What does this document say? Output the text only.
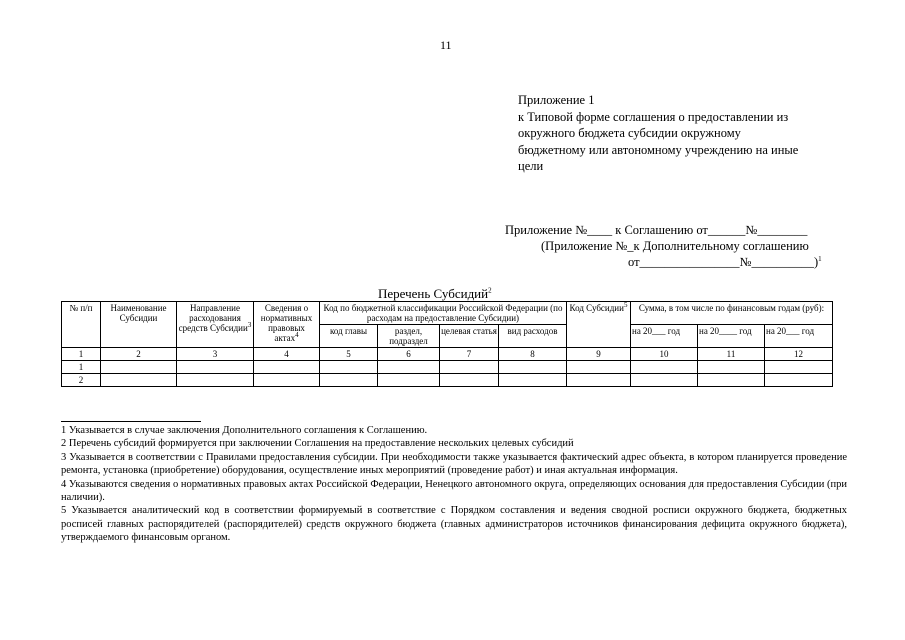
11
Приложение 1
к Типовой форме соглашения о предоставлении из
окружного бюджета субсидии окружному
бюджетному или автономному учреждению на иные
цели
Приложение №____ к Соглашению от______№________
(Приложение №_к Дополнительному соглашению
от________________№__________)$^1$
Перечень Субсидий$^2$
№ п/п	Наименование Субсидии	Направление расходования средств Субсидии$^3$	Сведения о нормативных правовых актах$^4$	Код по бюджетной классификации Российской Федерации (по расходам на предоставление Субсидии)				Код Субсидии$^5$	Сумма, в том числе по финансовым годам (руб):		
				код главы	раздел, подраздел	целевая статья	вид расходов		на 20___ год	на 20____ год	на 20___ год
1	2	3	4	5	6	7	8	9	10	11	12
1											
2											

1 Указывается в случае заключения Дополнительного соглашения к Соглашению.

2 Перечень субсидий формируется при заключении Соглашения на предоставление нескольких целевых субсидий

3 Указывается в соответствии с Правилами предоставления субсидии. При необходимости также указывается фактический адрес объекта, в котором планируется проведение ремонта, установка (приобретение) оборудования, осуществление иных мероприятий (проведение работ) и иная актуальная информация.

4 Указываются сведения о нормативных правовых актах Российской Федерации, Ненецкого автономного округа, определяющих основания для предоставления Субсидии (при наличии).

5 Указывается аналитический код в соответствии формируемый в соответствие с Порядком составления и ведения сводной росписи окружного бюджета, бюджетных росписей главных распорядителей (распорядителей) средств окружного бюджета (главных администраторов источников финансирования дефицита окружного бюджета), утверждаемого финансовым органом.
